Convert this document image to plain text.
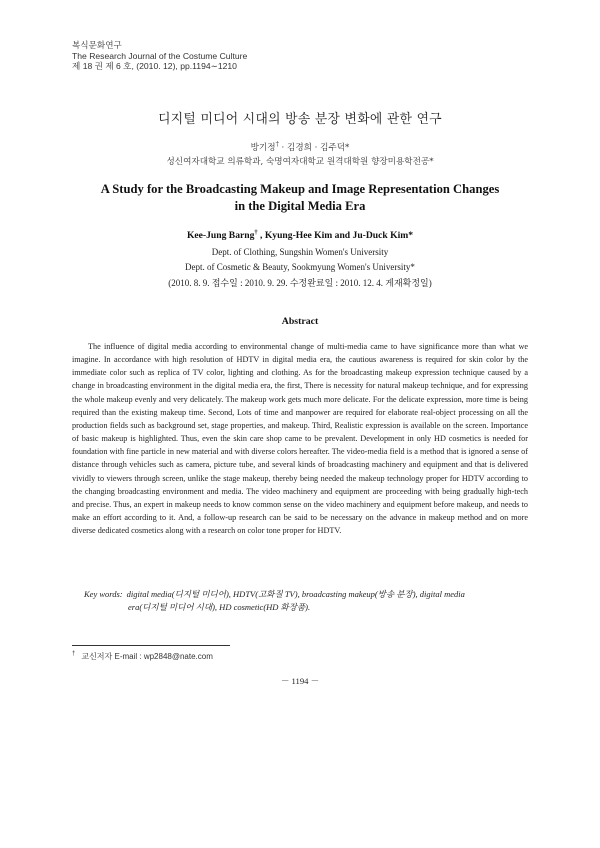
복식문화연구
The Research Journal of the Costume Culture
제 18 권 제 6 호, (2010. 12), pp.1194∼1210
디지털 미디어 시대의 방송 분장 변화에 관한 연구
방기정† · 김경희 · 김주덕*
성신여자대학교 의류학과, 숙명여자대학교 원격대학원 향장미용학전공*
A Study for the Broadcasting Makeup and Image Representation Changes
in the Digital Media Era
Kee-Jung Barng† , Kyung-Hee Kim and Ju-Duck Kim*
Dept. of Clothing, Sungshin Women's University
Dept. of Cosmetic & Beauty, Sookmyung Women's University*
(2010. 8. 9. 접수일 : 2010. 9. 29. 수정완료일 : 2010. 12. 4. 게재확정일)
Abstract

The influence of digital media according to environmental change of multi-media came to have significance more than what we imagine. In accordance with high resolution of HDTV in digital media era, the cautious awareness is required for skin color by the immediate color such as replica of TV color, lighting and clothing. As for the broadcasting makeup expression technique caused by a change in broadcasting environment in the digital media era, the first, There is necessity for natural makeup technique, and for expressing the whole makeup evenly and very delicately. The makeup work gets much more delicate. For the delicate expression, more time is being required than the existing makeup time. Second, Lots of time and manpower are required for elaborate real-object processing on all the production fields such as background set, stage properties, and makeup. Third, Realistic expression is available on the screen. Importance of basic makeup is highlighted. Thus, even the skin care shop came to be prevalent. Development in only HD cosmetics is needed for foundation with fine particle in new material and with diverse colors hereafter. The video-media field is a method that is ignored a sense of distance through vehicles such as camera, picture tube, and several kinds of broadcasting machinery and equipment and that is delivered vividly to viewers through screen, unlike the stage makeup, thereby being needed the makeup technology proper for HDTV according to the changing broadcasting environment and media. The video machinery and equipment are proceeding with being gradually high-tech and precise. Thus, an expert in makeup needs to know common sense on the video machinery and equipment before makeup, and needs to make an effort according to it. And, a follow-up research can be said to be necessary on the advance in makeup method and on more diverse dedicated cosmetics along with a research on color tone proper for HDTV.

Key words: digital media(디지털 미디어), HDTV(고화질 TV), broadcasting makeup(방송 분장), digital media
era(디지털 미디어 시대), HD cosmetic(HD 화장품).
† 교신저자 E-mail : wp2848@nate.com
－ 1194 －
